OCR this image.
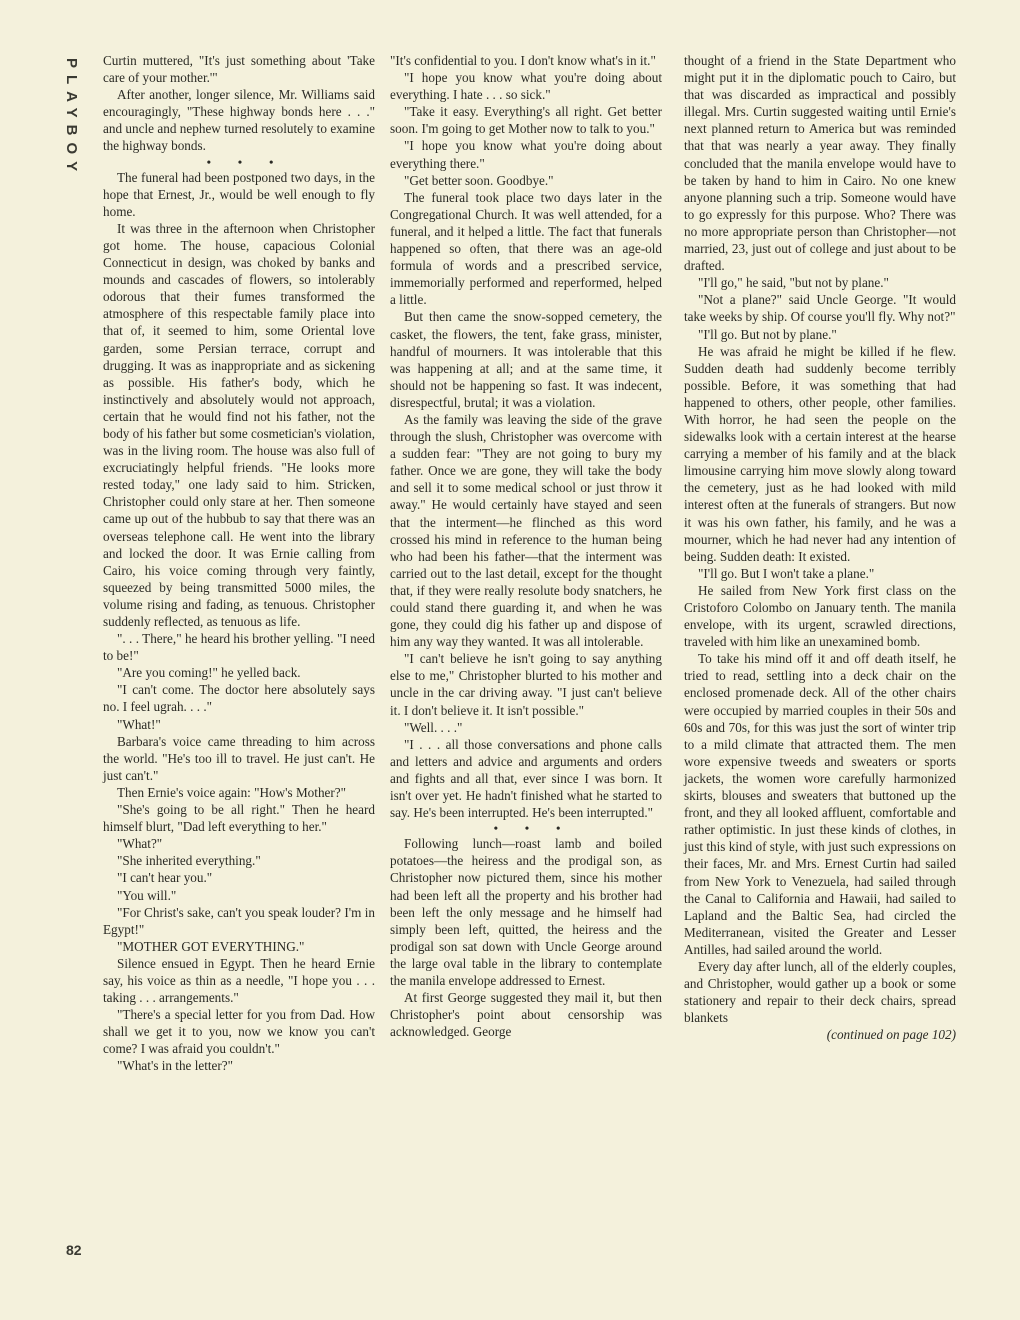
PLAYBOY
82

Curtin muttered, "It's just something about 'Take care of your mother.'"

After another, longer silence, Mr. Williams said encouragingly, "These highway bonds here . . ." and uncle and nephew turned resolutely to examine the highway bonds.

• • •

The funeral had been postponed two days, in the hope that Ernest, Jr., would be well enough to fly home.

It was three in the afternoon when Christopher got home. The house, capacious Colonial Connecticut in design, was choked by banks and mounds and cascades of flowers, so intolerably odorous that their fumes transformed the atmosphere of this respectable family place into that of, it seemed to him, some Oriental love garden, some Persian terrace, corrupt and drugging. It was as inappropriate and as sickening as possible. His father's body, which he instinctively and absolutely would not approach, certain that he would find not his father, not the body of his father but some cosmetician's violation, was in the living room. The house was also full of excruciatingly helpful friends. "He looks more rested today," one lady said to him. Stricken, Christopher could only stare at her. Then someone came up out of the hubbub to say that there was an overseas telephone call. He went into the library and locked the door. It was Ernie calling from Cairo, his voice coming through very faintly, squeezed by being transmitted 5000 miles, the volume rising and fading, as tenuous. Christopher suddenly reflected, as tenuous as life.

". . . There," he heard his brother yelling. "I need to be!"

"Are you coming!" he yelled back.

"I can't come. The doctor here absolutely says no. I feel ugrah. . . ."

"What!"

Barbara's voice came threading to him across the world. "He's too ill to travel. He just can't. He just can't."

Then Ernie's voice again: "How's Mother?"

"She's going to be all right." Then he heard himself blurt, "Dad left everything to her."

"What?"

"She inherited everything."

"I can't hear you."

"You will."

"For Christ's sake, can't you speak louder? I'm in Egypt!"

"MOTHER GOT EVERYTHING."

Silence ensued in Egypt. Then he heard Ernie say, his voice as thin as a needle, "I hope you . . . taking . . . arrangements."

"There's a special letter for you from Dad. How shall we get it to you, now we know you can't come? I was afraid you couldn't."

"What's in the letter?"

"It's confidential to you. I don't know what's in it."

"I hope you know what you're doing about everything. I hate . . . so sick."

"Take it easy. Everything's all right. Get better soon. I'm going to get Mother now to talk to you."

"I hope you know what you're doing about everything there."

"Get better soon. Goodbye."

The funeral took place two days later in the Congregational Church. It was well attended, for a funeral, and it helped a little. The fact that funerals happened so often, that there was an age-old formula of words and a prescribed service, immemorially performed and reperformed, helped a little.

But then came the snow-sopped cemetery, the casket, the flowers, the tent, fake grass, minister, handful of mourners. It was intolerable that this was happening at all; and at the same time, it should not be happening so fast. It was indecent, disrespectful, brutal; it was a violation.

As the family was leaving the side of the grave through the slush, Christopher was overcome with a sudden fear: "They are not going to bury my father. Once we are gone, they will take the body and sell it to some medical school or just throw it away." He would certainly have stayed and seen that the interment—he flinched as this word crossed his mind in reference to the human being who had been his father—that the interment was carried out to the last detail, except for the thought that, if they were really resolute body snatchers, he could stand there guarding it, and when he was gone, they could dig his father up and dispose of him any way they wanted. It was all intolerable.

"I can't believe he isn't going to say anything else to me," Christopher blurted to his mother and uncle in the car driving away. "I just can't believe it. I don't believe it. It isn't possible."

"Well. . . ."

"I . . . all those conversations and phone calls and letters and advice and arguments and orders and fights and all that, ever since I was born. It isn't over yet. He hadn't finished what he started to say. He's been interrupted. He's been interrupted."

• • •

Following lunch—roast lamb and boiled potatoes—the heiress and the prodigal son, as Christopher now pictured them, since his mother had been left all the property and his brother had been left the only message and he himself had simply been left, quitted, the heiress and the prodigal son sat down with Uncle George around the large oval table in the library to contemplate the manila envelope addressed to Ernest.

At first George suggested they mail it, but then Christopher's point about censorship was acknowledged. George

thought of a friend in the State Department who might put it in the diplomatic pouch to Cairo, but that was discarded as impractical and possibly illegal. Mrs. Curtin suggested waiting until Ernie's next planned return to America but was reminded that that was nearly a year away. They finally concluded that the manila envelope would have to be taken by hand to him in Cairo. No one knew anyone planning such a trip. Someone would have to go expressly for this purpose. Who? There was no more appropriate person than Christopher—not married, 23, just out of college and just about to be drafted.

"I'll go," he said, "but not by plane."

"Not a plane?" said Uncle George. "It would take weeks by ship. Of course you'll fly. Why not?"

"I'll go. But not by plane."

He was afraid he might be killed if he flew. Sudden death had suddenly become terribly possible. Before, it was something that had happened to others, other people, other families. With horror, he had seen the people on the sidewalks look with a certain interest at the hearse carrying a member of his family and at the black limousine carrying him move slowly along toward the cemetery, just as he had looked with mild interest often at the funerals of strangers. But now it was his own father, his family, and he was a mourner, which he had never had any intention of being. Sudden death: It existed.

"I'll go. But I won't take a plane."

He sailed from New York first class on the Cristoforo Colombo on January tenth. The manila envelope, with its urgent, scrawled directions, traveled with him like an unexamined bomb.

To take his mind off it and off death itself, he tried to read, settling into a deck chair on the enclosed promenade deck. All of the other chairs were occupied by married couples in their 50s and 60s and 70s, for this was just the sort of winter trip to a mild climate that attracted them. The men wore expensive tweeds and sweaters or sports jackets, the women wore carefully harmonized skirts, blouses and sweaters that buttoned up the front, and they all looked affluent, comfortable and rather optimistic. In just these kinds of clothes, in just this kind of style, with just such expressions on their faces, Mr. and Mrs. Ernest Curtin had sailed from New York to Venezuela, had sailed through the Canal to California and Hawaii, had sailed to Lapland and the Baltic Sea, had circled the Mediterranean, visited the Greater and Lesser Antilles, had sailed around the world.

Every day after lunch, all of the elderly couples, and Christopher, would gather up a book or some stationery and repair to their deck chairs, spread blankets

(continued on page 102)
